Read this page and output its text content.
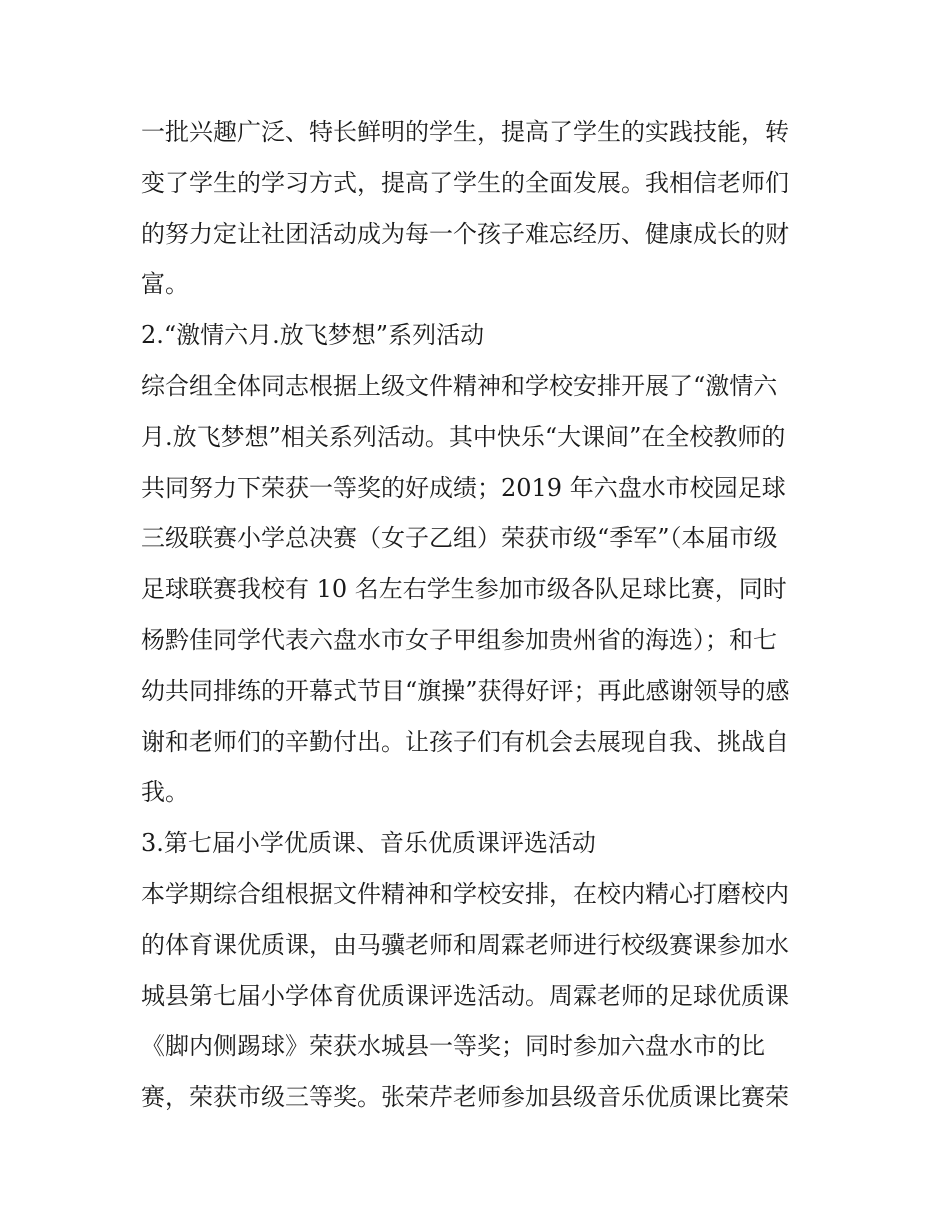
一批兴趣广泛、特长鲜明的学生，提高了学生的实践技能，转
变了学生的学习方式，提高了学生的全面发展。我相信老师们
的努力定让社团活动成为每一个孩子难忘经历、健康成长的财
富。
2.“激情六月.放飞梦想”系列活动
综合组全体同志根据上级文件精神和学校安排开展了“激情六
月.放飞梦想”相关系列活动。其中快乐“大课间”在全校教师的
共同努力下荣获一等奖的好成绩；2019 年六盘水市校园足球
三级联赛小学总决赛（女子乙组）荣获市级“季军”（本届市级
足球联赛我校有 10 名左右学生参加市级各队足球比赛，同时
杨黔佳同学代表六盘水市女子甲组参加贵州省的海选）；和七
幼共同排练的开幕式节目“旗操”获得好评；再此感谢领导的感
谢和老师们的辛勤付出。让孩子们有机会去展现自我、挑战自
我。
3.第七届小学优质课、音乐优质课评选活动
本学期综合组根据文件精神和学校安排，在校内精心打磨校内
的体育课优质课，由马骥老师和周霖老师进行校级赛课参加水
城县第七届小学体育优质课评选活动。周霖老师的足球优质课
《脚内侧踢球》荣获水城县一等奖；同时参加六盘水市的比
赛，荣获市级三等奖。张荣芹老师参加县级音乐优质课比赛荣
